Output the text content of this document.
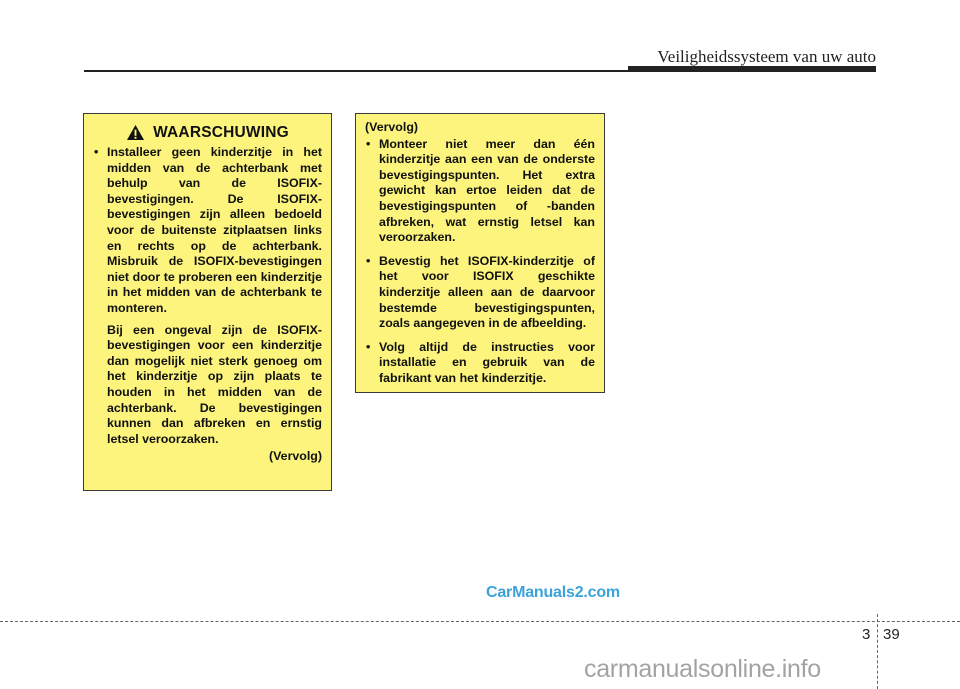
Veiligheidssysteem van uw auto
WAARSCHUWING
• Installeer geen kinderzitje in het midden van de achterbank met behulp van de ISOFIX-bevestigingen. De ISOFIX-bevestigingen zijn alleen bedoeld voor de buitenste zitplaatsen links en rechts op de achterbank. Misbruik de ISOFIX-bevestigingen niet door te proberen een kinderzitje in het midden van de achterbank te monteren.
Bij een ongeval zijn de ISOFIX-bevestigingen voor een kinderzitje dan mogelijk niet sterk genoeg om het kinderzitje op zijn plaats te houden in het midden van de achterbank. De bevestigingen kunnen dan afbreken en ernstig letsel veroorzaken.
(Vervolg)
(Vervolg)
• Monteer niet meer dan één kinderzitje aan een van de onderste bevestigingspunten. Het extra gewicht kan ertoe leiden dat de bevestigingspunten of -banden afbreken, wat ernstig letsel kan veroorzaken.
• Bevestig het ISOFIX-kinderzitje of het voor ISOFIX geschikte kinderzitje alleen aan de daarvoor bestemde bevestigingspunten, zoals aangegeven in de afbeelding.
• Volg altijd de instructies voor installatie en gebruik van de fabrikant van het kinderzitje.
CarManuals2.com
3 39
carmanualsonline.info
